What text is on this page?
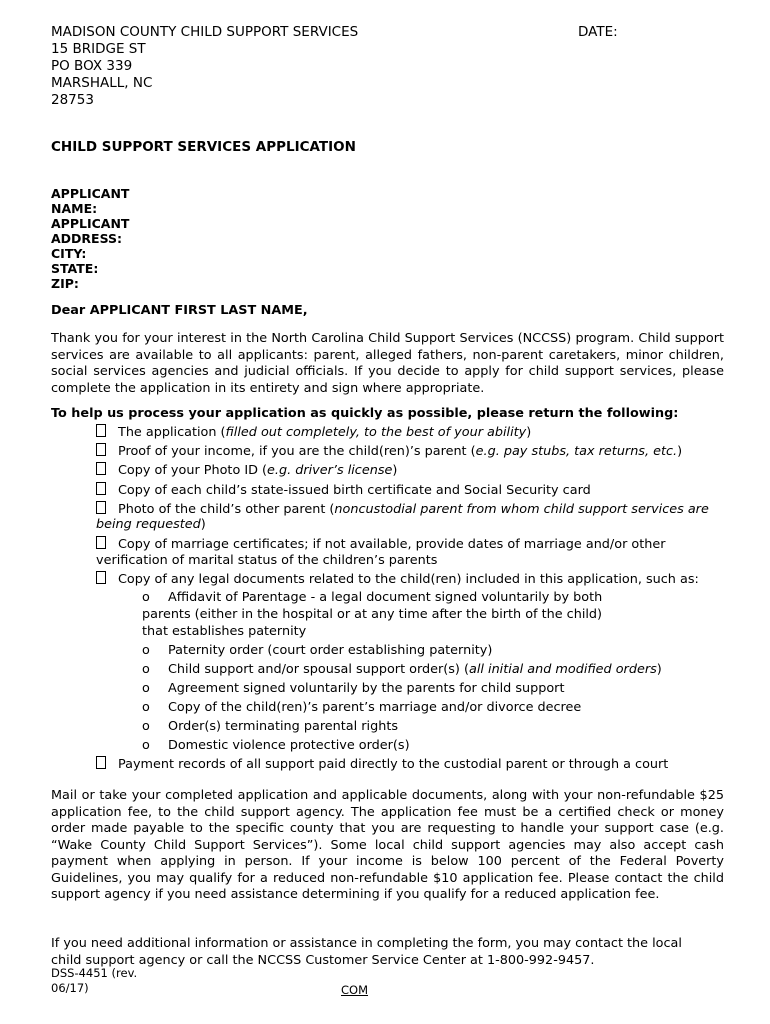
MADISON COUNTY CHILD SUPPORT SERVICES	DATE:
15 BRIDGE ST
PO BOX 339
MARSHALL, NC
28753
CHILD SUPPORT SERVICES APPLICATION
APPLICANT
NAME:
APPLICANT
ADDRESS:
CITY:
STATE:
ZIP:
Dear APPLICANT FIRST LAST NAME,
Thank you for your interest in the North Carolina Child Support Services (NCCSS) program. Child support services are available to all applicants: parent, alleged fathers, non-parent caretakers, minor children, social services agencies and judicial officials. If you decide to apply for child support services, please complete the application in its entirety and sign where appropriate.
To help us process your application as quickly as possible, please return the following:
The application (filled out completely, to the best of your ability)
Proof of your income, if you are the child(ren)’s parent (e.g. pay stubs, tax returns, etc.)
Copy of your Photo ID (e.g. driver’s license)
Copy of each child’s state-issued birth certificate and Social Security card
Photo of the child’s other parent (noncustodial parent from whom child support services are
being requested)
Copy of marriage certificates; if not available, provide dates of marriage and/or other
verification of marital status of the children’s parents
Copy of any legal documents related to the child(ren) included in this application, such as:
o Affidavit of Parentage - a legal document signed voluntarily by both
parents (either in the hospital or at any time after the birth of the child)
that establishes paternity
o Paternity order (court order establishing paternity)
o Child support and/or spousal support order(s) (all initial and modified orders)
o Agreement signed voluntarily by the parents for child support
o Copy of the child(ren)’s parent’s marriage and/or divorce decree
o Order(s) terminating parental rights
o Domestic violence protective order(s)
Payment records of all support paid directly to the custodial parent or through a court
Mail or take your completed application and applicable documents, along with your non-refundable $25 application fee, to the child support agency. The application fee must be a certified check or money order made payable to the specific county that you are requesting to handle your support case (e.g. “Wake County Child Support Services”). Some local child support agencies may also accept cash payment when applying in person. If your income is below 100 percent of the Federal Poverty Guidelines, you may qualify for a reduced non-refundable $10 application fee. Please contact the child support agency if you need assistance determining if you qualify for a reduced application fee.
If you need additional information or assistance in completing the form, you may contact the local
child support agency or call the NCCSS Customer Service Center at 1-800-992-9457.
DSS-4451 (rev.
06/17)	COM
